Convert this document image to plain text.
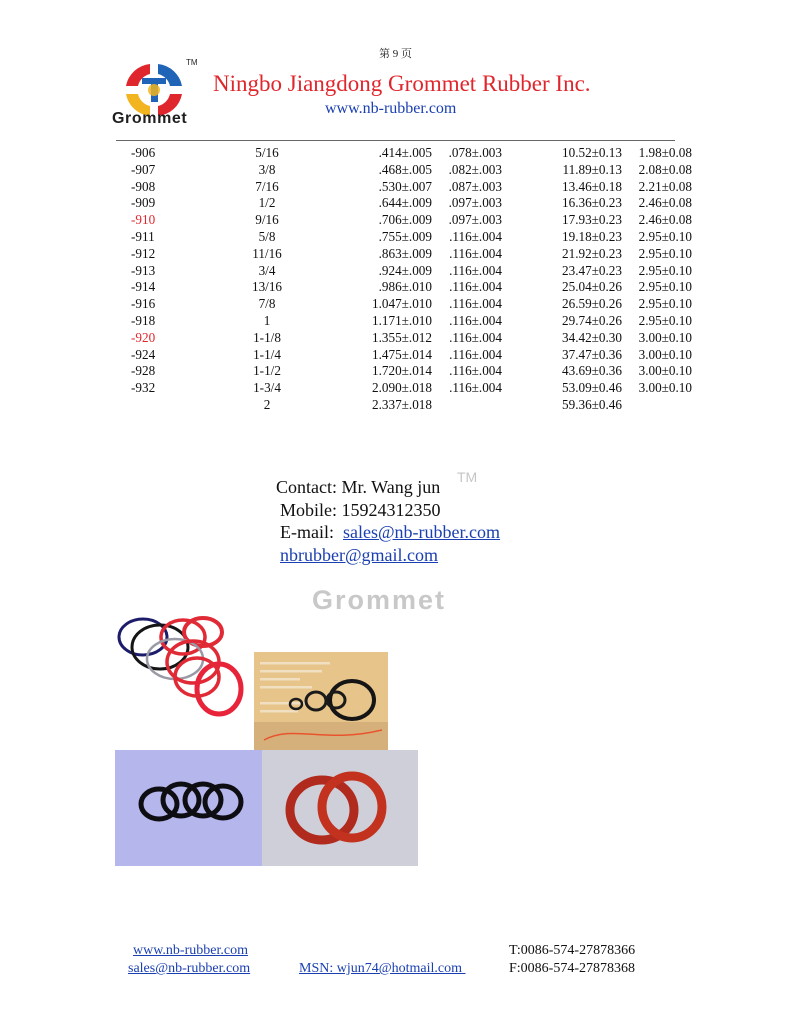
第 9 页
TM
Grommet
Ningbo Jiangdong Grommet Rubber Inc.
www.nb-rubber.com
-906	5/16	.414±.005	.078±.003	10.52±0.13	1.98±0.08
-907	3/8	.468±.005	.082±.003	11.89±0.13	2.08±0.08
-908	7/16	.530±.007	.087±.003	13.46±0.18	2.21±0.08
-909	1/2	.644±.009	.097±.003	16.36±0.23	2.46±0.08
-910	9/16	.706±.009	.097±.003	17.93±0.23	2.46±0.08
-911	5/8	.755±.009	.116±.004	19.18±0.23	2.95±0.10
-912	11/16	.863±.009	.116±.004	21.92±0.23	2.95±0.10
-913	3/4	.924±.009	.116±.004	23.47±0.23	2.95±0.10
-914	13/16	.986±.010	.116±.004	25.04±0.26	2.95±0.10
-916	7/8	1.047±.010	.116±.004	26.59±0.26	2.95±0.10
-918	1	1.171±.010	.116±.004	29.74±0.26	2.95±0.10
-920	1-1/8	1.355±.012	.116±.004	34.42±0.30	3.00±0.10
-924	1-1/4	1.475±.014	.116±.004	37.47±0.36	3.00±0.10
-928	1-1/2	1.720±.014	.116±.004	43.69±0.36	3.00±0.10
-932	1-3/4	2.090±.018	.116±.004	53.09±0.46	3.00±0.10
	2	2.337±.018		59.36±0.46	
Contact: Mr. Wang jun
Mobile: 15924312350
E-mail:  sales@nb-rubber.com
nbrubber@gmail.com
TM
Grommet
www.nb-rubber.com
sales@nb-rubber.com	MSN: wjun74@hotmail.com
T:0086-574-27878366
F:0086-574-27878368
